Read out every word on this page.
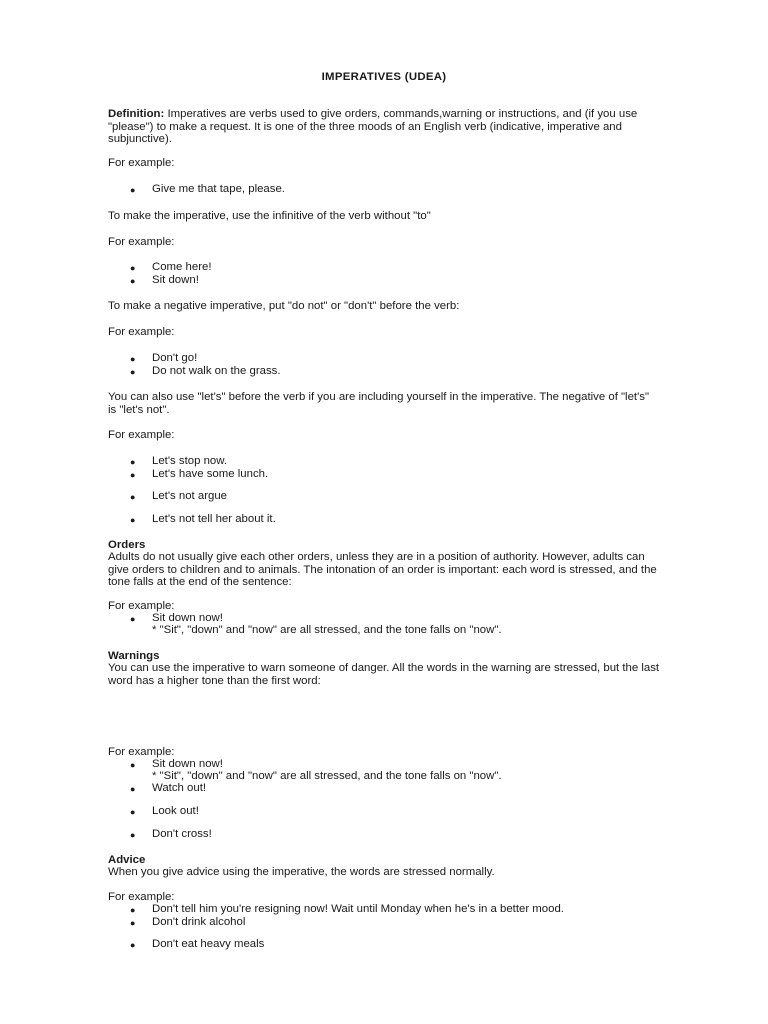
IMPERATIVES (UDEA)
Definition: Imperatives are verbs used to give orders, commands,warning or instructions, and (if you use "please") to make a request. It is one of the three moods of an English verb (indicative, imperative and subjunctive).
For example:
●	Give me that tape, please.
To make the imperative, use the infinitive of the verb without "to"
For example:
●	Come here!
●	Sit down!
To make a negative imperative, put "do not" or "don't" before the verb:
For example:
●	Don't go!
●	Do not walk on the grass.
You can also use "let's" before the verb if you are including yourself in the imperative. The negative of "let's" is "let's not".
For example:
●	Let's stop now.
●	Let's have some lunch.
●	Let's not argue
●	Let's not tell her about it.
Orders
Adults do not usually give each other orders, unless they are in a position of authority. However, adults can give orders to children and to animals. The intonation of an order is important: each word is stressed, and the tone falls at the end of the sentence:
For example:
●	Sit down now!
* "Sit", "down" and "now" are all stressed, and the tone falls on "now".
Warnings
You can use the imperative to warn someone of danger. All the words in the warning are stressed, but the last word has a higher tone than the first word:
For example:
●	Sit down now!
* "Sit", "down" and "now" are all stressed, and the tone falls on "now".
●	Watch out!
●	Look out!
●	Don't cross!
Advice
When you give advice using the imperative, the words are stressed normally.
For example:
●	Don't tell him you're resigning now! Wait until Monday when he's in a better mood.
●	Don't drink alcohol
●	Don't eat heavy meals
